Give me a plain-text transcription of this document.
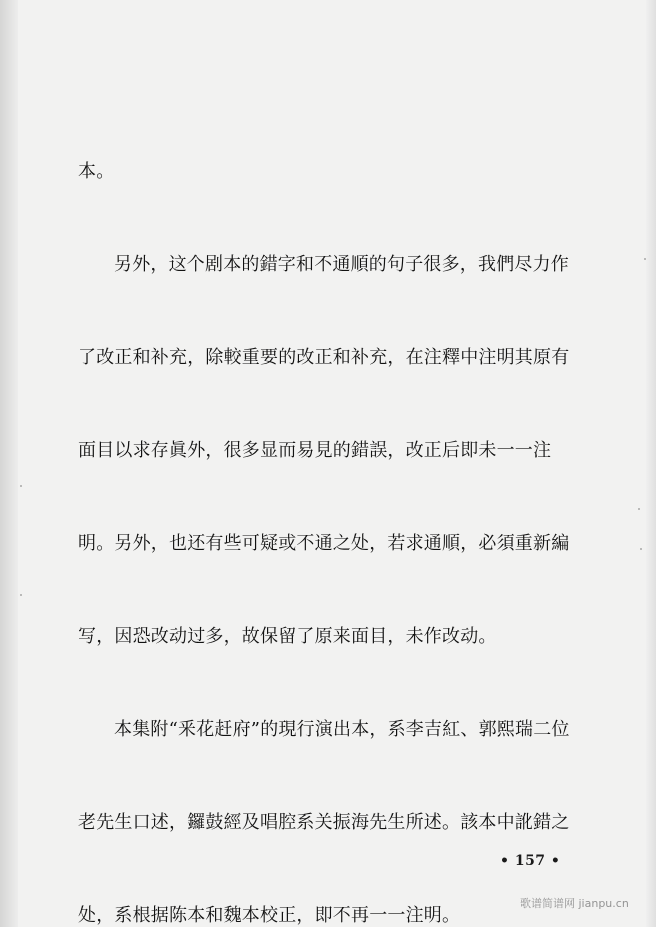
本。

另外，这个剧本的錯字和不通順的句子很多，我們尽力作

了改正和补充，除較重要的改正和补充，在注釋中注明其原有

面目以求存眞外，很多显而易見的錯誤，改正后即未一一注

明。另外，也还有些可疑或不通之处，若求通順，必須重新編

写，因恐改动过多，故保留了原来面目，未作改动。

本集附“釆花赶府”的現行演出本，系李吉紅、郭熙瑞二位

老先生口述，鑼鼓經及唱腔系关振海先生所述。該本中訛錯之

处，系根据陈本和魏本校正，即不再一一注明。

• 157 •
歌谱简谱网 jianpu.cn
